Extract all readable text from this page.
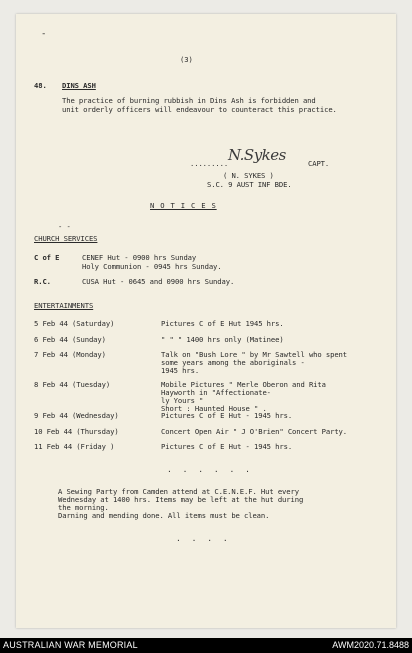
-
(3)
48. DINS ASH
The practice of burning rubbish in Dins Ash is forbidden and
unit orderly officers will endeavour to counteract this practice.
......... N.Sykes	CAPT.
( N. SYKES )
S.C. 9 AUST INF BDE.
N O T I C E S
- -
CHURCH SERVICES
C of E	CENEF Hut - 0900 hrs Sunday
Holy Communion - 0945 hrs Sunday.
R.C.	CUSA Hut - 0645 and 0900 hrs Sunday.
ENTERTAINMENTS
5 Feb 44 (Saturday)	Pictures C of E Hut 1945 hrs.
6 Feb 44 (Sunday)	" " " 1400 hrs only (Matinee)
7 Feb 44 (Monday)	Talk on "Bush Lore " by Mr Sawtell who spent
some years among the aboriginals -
1945 hrs.
8 Feb 44 (Tuesday)	Mobile Pictures " Merle Oberon and Rita
Hayworth in "Affectionate-
ly Yours "
Short : Haunted House " .
9 Feb 44 (Wednesday)	Pictures C of E Hut - 1945 hrs.
10 Feb 44 (Thursday)	Concert Open Air " J O'Brien" Concert Party.
11 Feb 44 (Friday )	Pictures C of E Hut - 1945 hrs.
. . . . . .
A Sewing Party from Camden attend at C.E.N.E.F. Hut every
Wednesday at 1400 hrs. Items may be left at the hut during
the morning.
Darning and mending done. All items must be clean.
. . . .
AUSTRALIAN WAR MEMORIAL	AWM2020.71.8488
